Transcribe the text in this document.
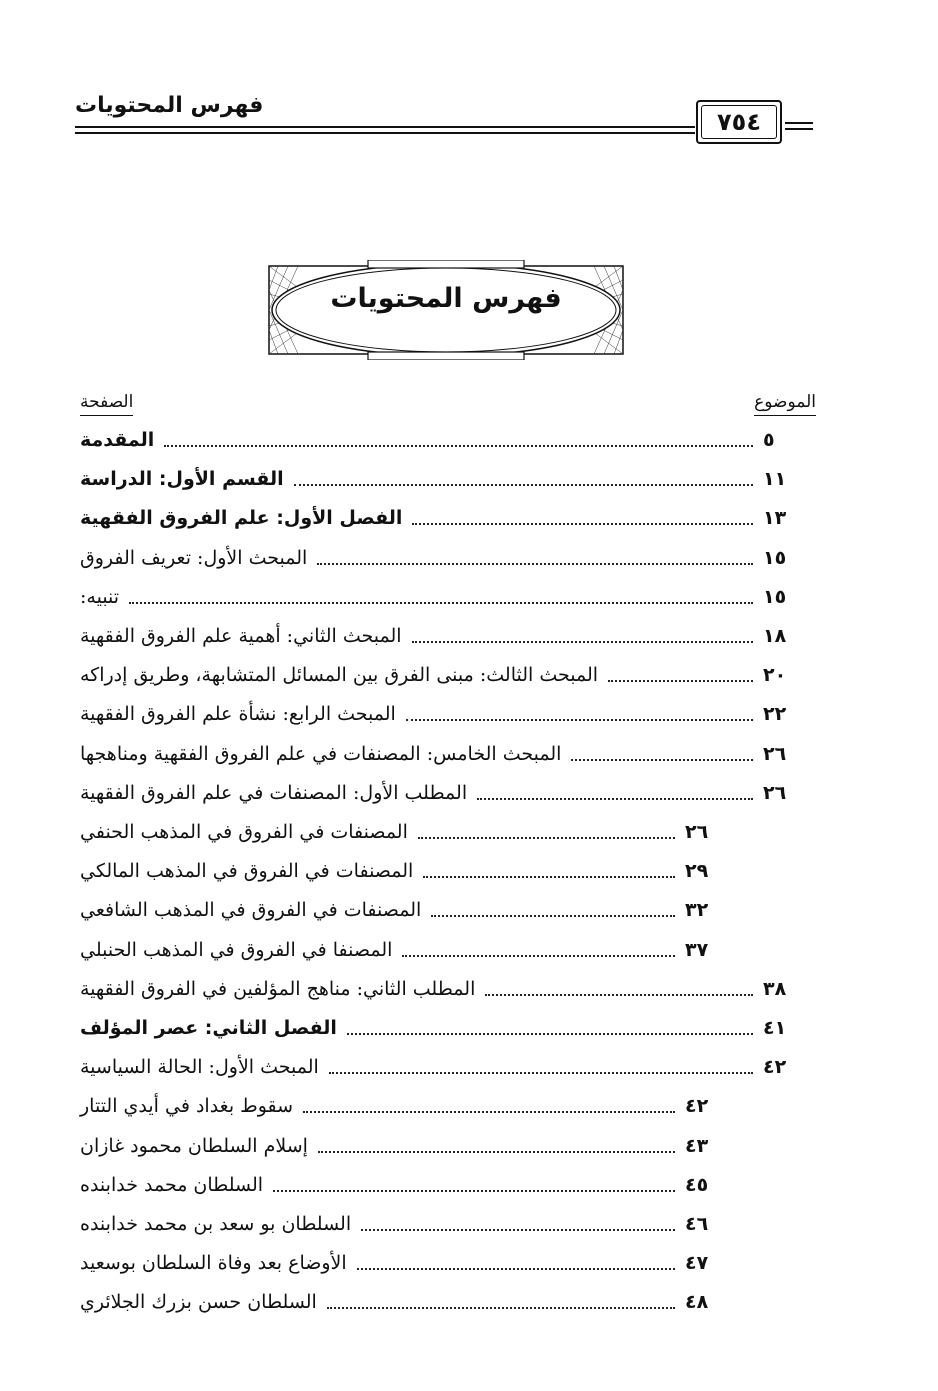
فهرس المحتويات
٧٥٤
فهرس المحتويات
الموضوع
الصفحة
المقدمة	٥
القسم الأول: الدراسة	١١
الفصل الأول: علم الفروق الفقهية	١٣
المبحث الأول: تعريف الفروق	١٥
تنبيه:	١٥
المبحث الثاني: أهمية علم الفروق الفقهية	١٨
المبحث الثالث: مبنى الفرق بين المسائل المتشابهة، وطريق إدراكه	٢٠
المبحث الرابع: نشأة علم الفروق الفقهية	٢٢
المبحث الخامس: المصنفات في علم الفروق الفقهية ومناهجها	٢٦
المطلب الأول: المصنفات في علم الفروق الفقهية	٢٦
المصنفات في الفروق في المذهب الحنفي	٢٦
المصنفات في الفروق في المذهب المالكي	٢٩
المصنفات في الفروق في المذهب الشافعي	٣٢
المصنفا في الفروق في المذهب الحنبلي	٣٧
المطلب الثاني: مناهج المؤلفين في الفروق الفقهية	٣٨
الفصل الثاني: عصر المؤلف	٤١
المبحث الأول: الحالة السياسية	٤٢
سقوط بغداد في أيدي التتار	٤٢
إسلام السلطان محمود غازان	٤٣
السلطان محمد خدابنده	٤٥
السلطان بو سعد بن محمد خدابنده	٤٦
الأوضاع بعد وفاة السلطان بوسعيد	٤٧
السلطان حسن بزرك الجلائري	٤٨
